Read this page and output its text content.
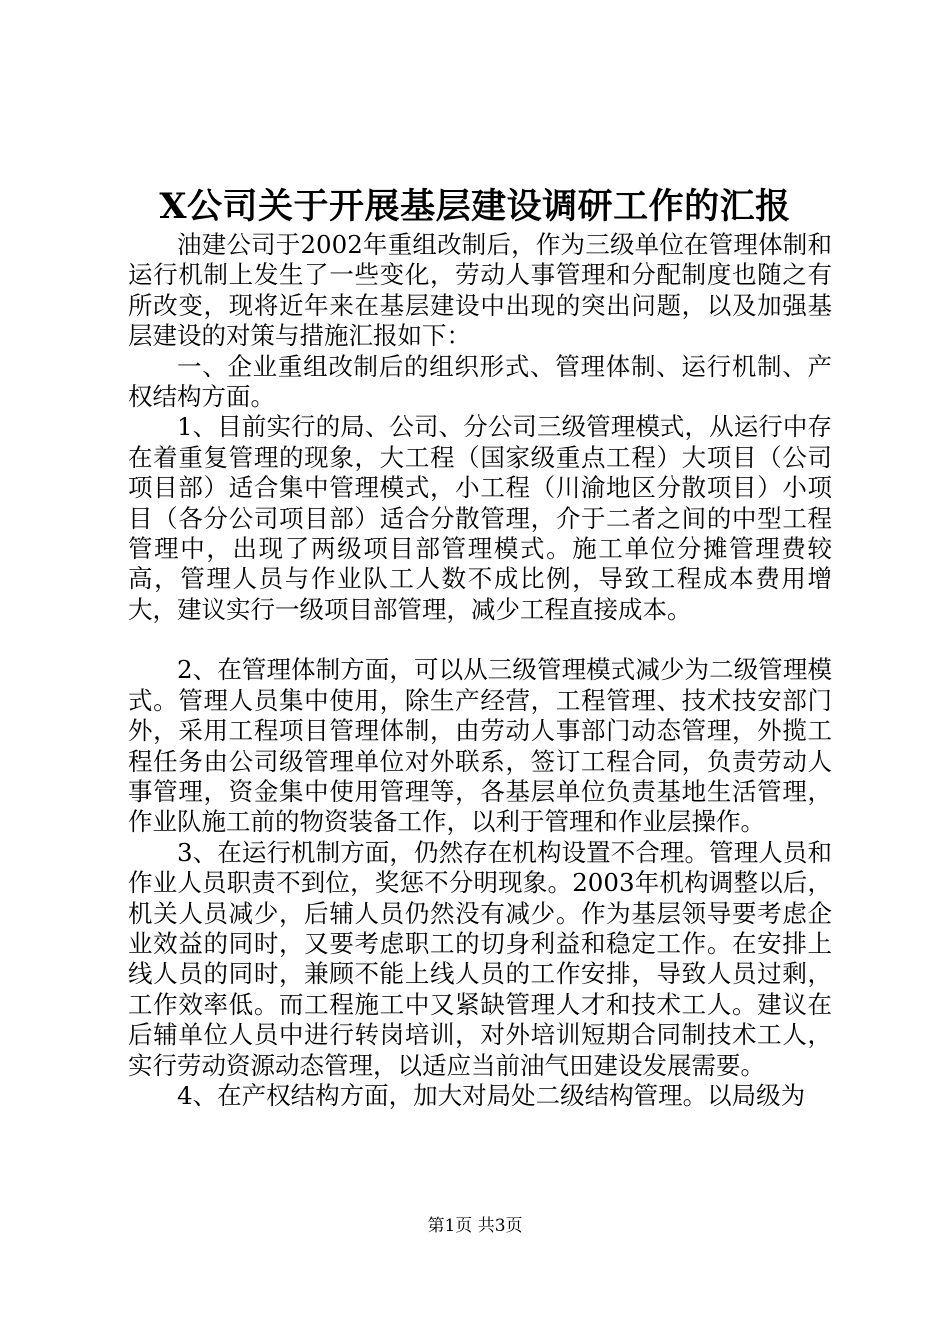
X公司关于开展基层建设调研工作的汇报

油建公司于2002年重组改制后，作为三级单位在管理体制和运行机制上发生了一些变化，劳动人事管理和分配制度也随之有所改变，现将近年来在基层建设中出现的突出问题，以及加强基层建设的对策与措施汇报如下：

一、企业重组改制后的组织形式、管理体制、运行机制、产权结构方面。

1、目前实行的局、公司、分公司三级管理模式，从运行中存在着重复管理的现象，大工程（国家级重点工程）大项目（公司项目部）适合集中管理模式，小工程（川渝地区分散项目）小项目（各分公司项目部）适合分散管理，介于二者之间的中型工程管理中，出现了两级项目部管理模式。施工单位分摊管理费较高，管理人员与作业队工人数不成比例，导致工程成本费用增大，建议实行一级项目部管理，减少工程直接成本。

2、在管理体制方面，可以从三级管理模式减少为二级管理模式。管理人员集中使用，除生产经营，工程管理、技术技安部门外，采用工程项目管理体制，由劳动人事部门动态管理，外揽工程任务由公司级管理单位对外联系，签订工程合同，负责劳动人事管理，资金集中使用管理等，各基层单位负责基地生活管理，作业队施工前的物资装备工作，以利于管理和作业层操作。

3、在运行机制方面，仍然存在机构设置不合理。管理人员和作业人员职责不到位，奖惩不分明现象。2003年机构调整以后，机关人员减少，后辅人员仍然没有减少。作为基层领导要考虑企业效益的同时，又要考虑职工的切身利益和稳定工作。在安排上线人员的同时，兼顾不能上线人员的工作安排，导致人员过剩，工作效率低。而工程施工中又紧缺管理人才和技术工人。建议在后辅单位人员中进行转岗培训，对外培训短期合同制技术工人，实行劳动资源动态管理，以适应当前油气田建设发展需要。

4、在产权结构方面，加大对局处二级结构管理。以局级为

第1页 共3页
